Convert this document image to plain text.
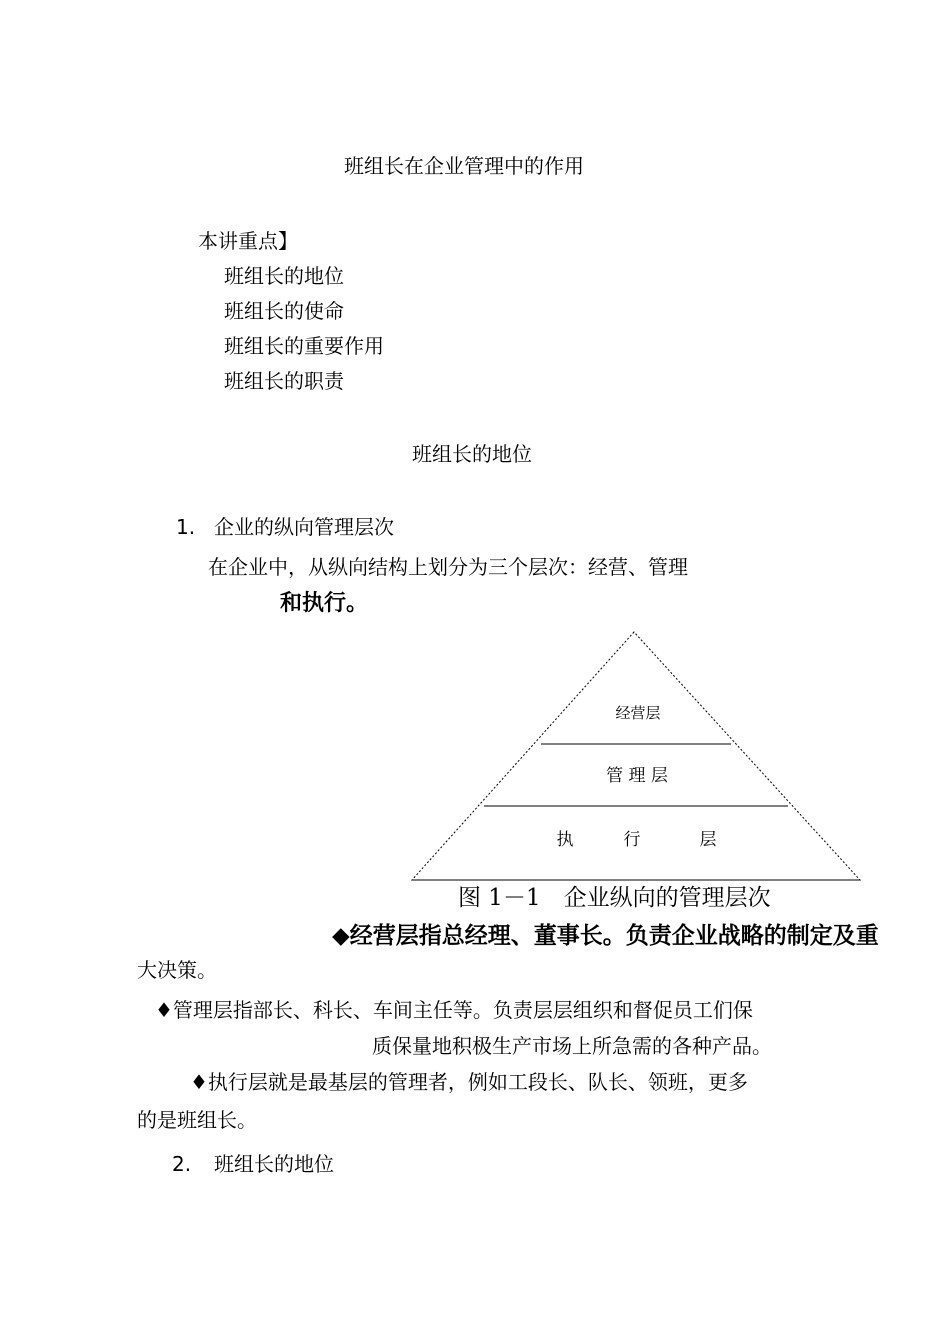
班组长在企业管理中的作用
本讲重点】
班组长的地位
班组长的使命
班组长的重要作用
班组长的职责
班组长的地位
1. 企业的纵向管理层次
在企业中，从纵向结构上划分为三个层次：经营、管理
和执行。
经营层
管 理 层
执	行	层
图 1－1　企业纵向的管理层次
◆经营层指总经理、董事长。负责企业战略的制定及重
大决策。
♦管理层指部长、科长、车间主任等。负责层层组织和督促员工们保
质保量地积极生产市场上所急需的各种产品。
♦执行层就是最基层的管理者，例如工段长、队长、领班，更多
的是班组长。
2. 班组长的地位
